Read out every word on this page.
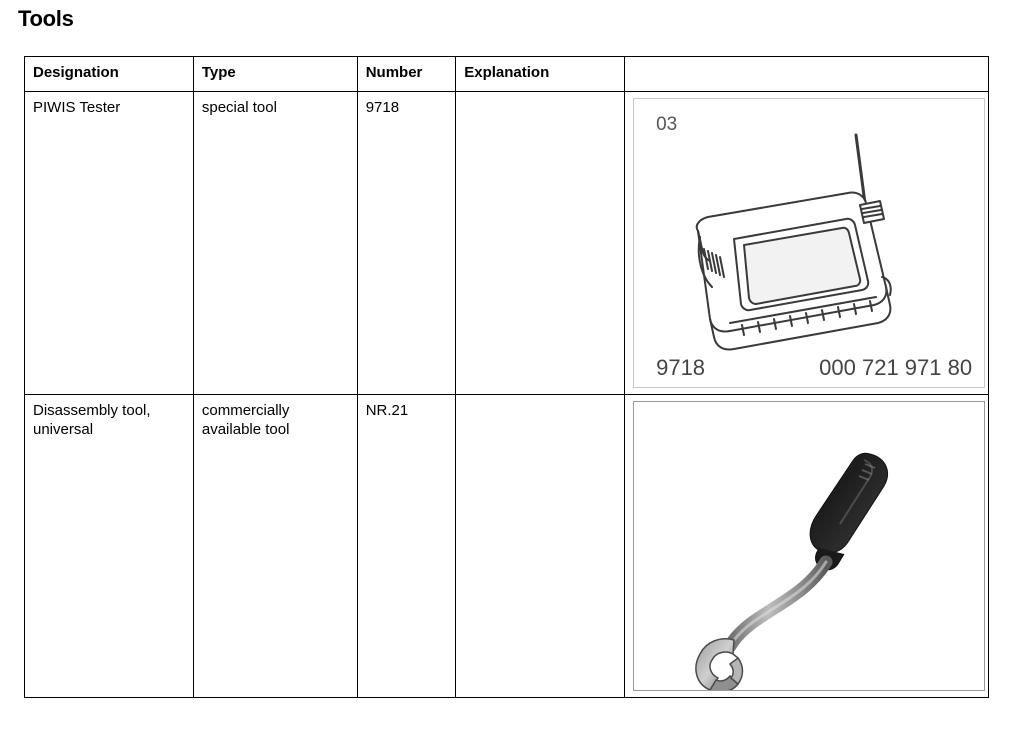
Tools
Designation	Type	Number	Explanation	
PIWIS Tester	special tool	9718		03
9718 000 721 971 80

Disassembly tool, universal	commercially available tool	NR.21		
